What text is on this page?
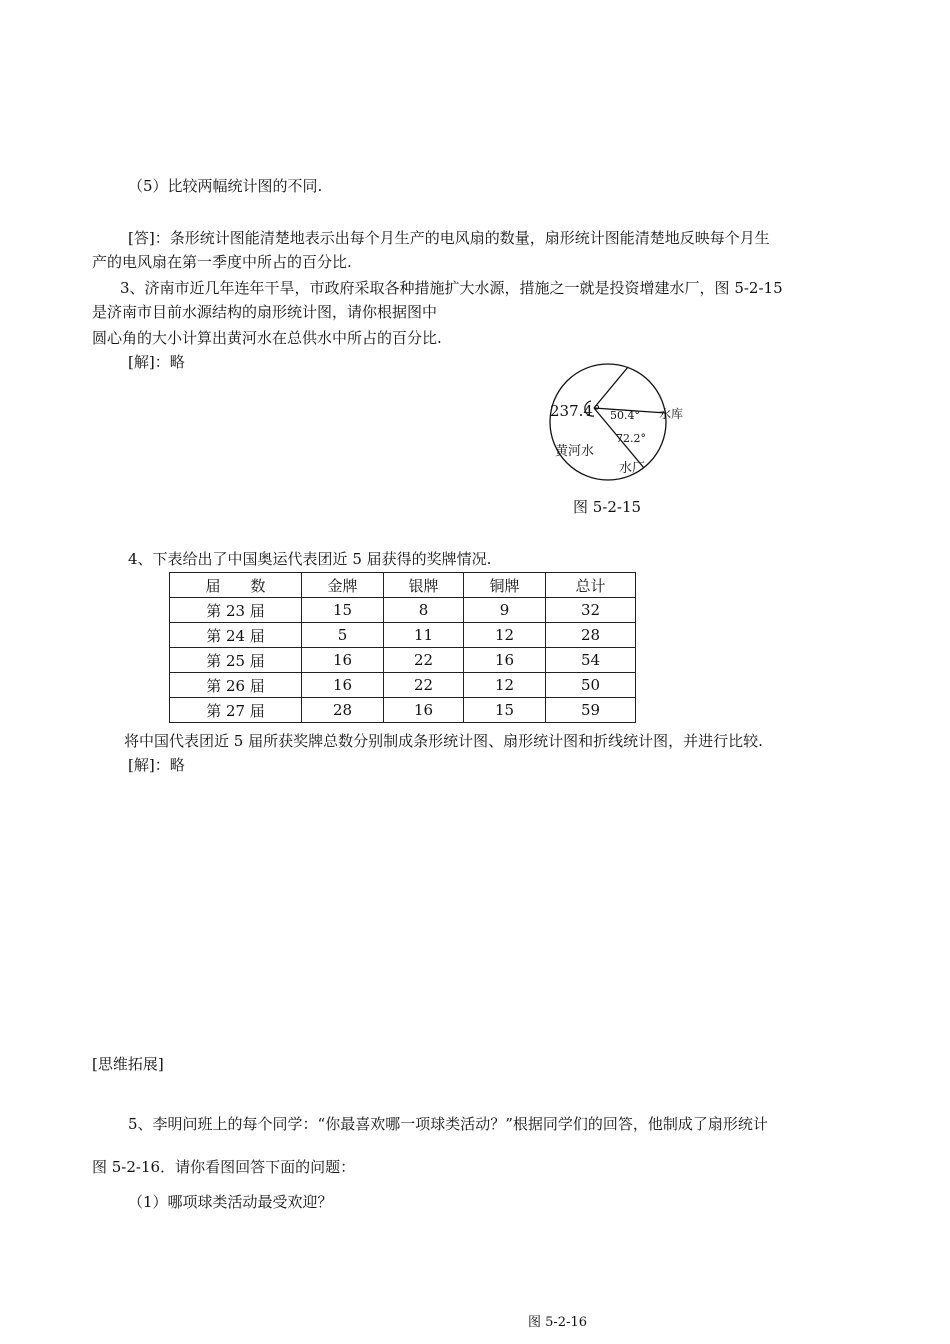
（5）比较两幅统计图的不同.
[答]：条形统计图能清楚地表示出每个月生产的电风扇的数量，扇形统计图能清楚地反映每个月生
产的电风扇在第一季度中所占的百分比.
3、济南市近几年连年干旱，市政府采取各种措施扩大水源，措施之一就是投资增建水厂，图 5-2-15
是济南市目前水源结构的扇形统计图，请你根据图中
圆心角的大小计算出黄河水在总供水中所占的百分比.
[解]：略
237.4° 50.4°
72.2°
水库
黄河水
水厂
图 5-2-15
4、下表给出了中国奥运代表团近 5 届获得的奖牌情况.
届　　数	金牌	银牌	铜牌	总计
第 23 届	15	8	9	32
第 24 届	5	11	12	28
第 25 届	16	22	16	54
第 26 届	16	22	12	50
第 27 届	28	16	15	59
将中国代表团近 5 届所获奖牌总数分别制成条形统计图、扇形统计图和折线统计图，并进行比较.
[解]：略
[思维拓展]
5、李明问班上的每个同学：“你最喜欢哪一项球类活动？”根据同学们的回答，他制成了扇形统计
图 5-2-16．请你看图回答下面的问题：
（1）哪项球类活动最受欢迎？
图 5-2-16
